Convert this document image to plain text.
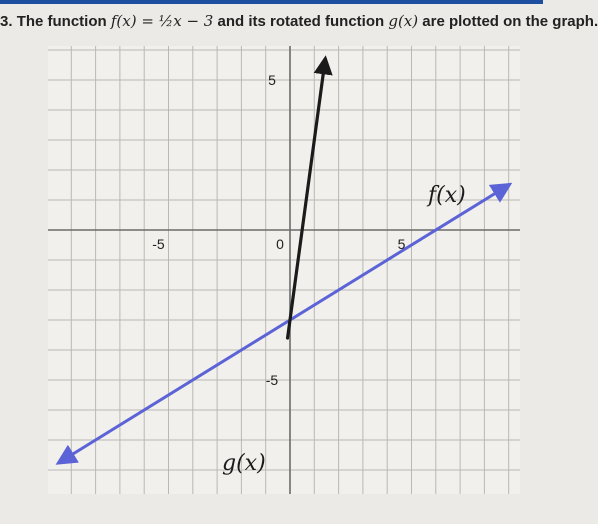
3. The function f(x) = ½x − 3 and its rotated function g(x) are plotted on the graph.
-5	0	5
5
-5
f(x)
g(x)
